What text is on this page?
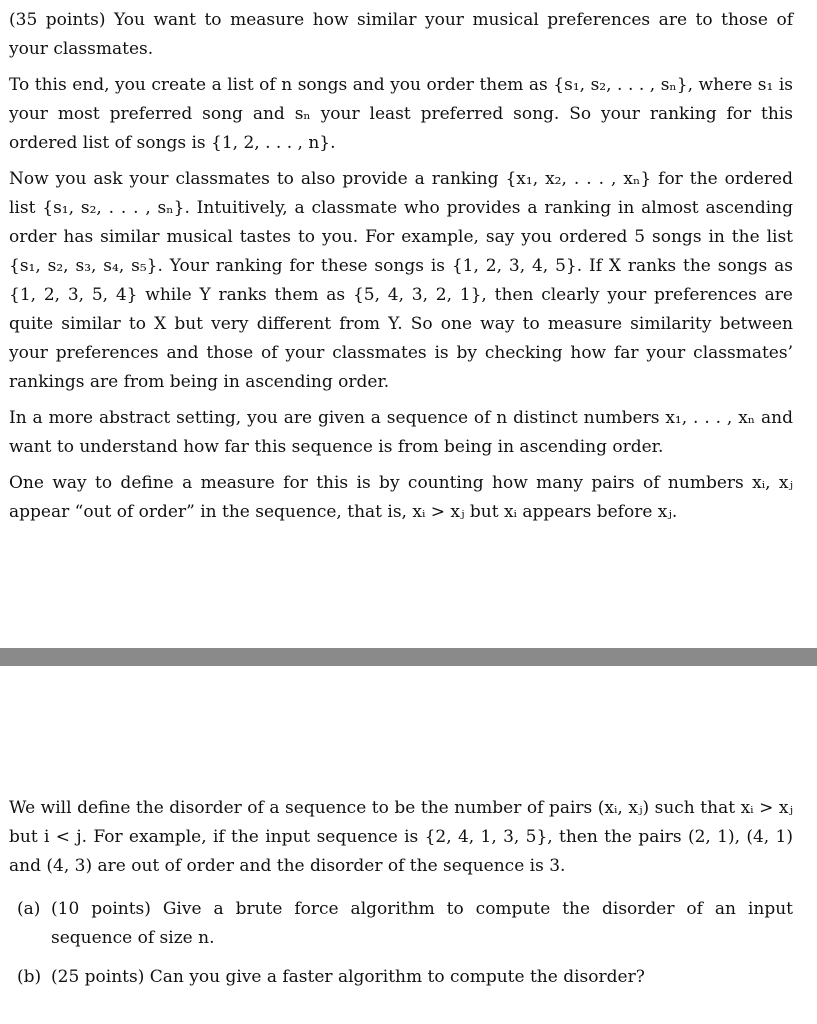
(35 points) You want to measure how similar your musical preferences are to those of your classmates.

To this end, you create a list of n songs and you order them as {s₁, s₂, . . . , sₙ}, where s₁ is your most preferred song and sₙ your least preferred song. So your ranking for this ordered list of songs is {1, 2, . . . , n}.

Now you ask your classmates to also provide a ranking {x₁, x₂, . . . , xₙ} for the ordered list {s₁, s₂, . . . , sₙ}. Intuitively, a classmate who provides a ranking in almost ascending order has similar musical tastes to you. For example, say you ordered 5 songs in the list {s₁, s₂, s₃, s₄, s₅}. Your ranking for these songs is {1, 2, 3, 4, 5}. If X ranks the songs as {1, 2, 3, 5, 4} while Y ranks them as {5, 4, 3, 2, 1}, then clearly your preferences are quite similar to X but very different from Y. So one way to measure similarity between your preferences and those of your classmates is by checking how far your classmates’ rankings are from being in ascending order.

In a more abstract setting, you are given a sequence of n distinct numbers x₁, . . . , xₙ and want to understand how far this sequence is from being in ascending order.

One way to define a measure for this is by counting how many pairs of numbers xᵢ, xⱼ appear “out of order” in the sequence, that is, xᵢ > xⱼ but xᵢ appears before xⱼ.

We will define the disorder of a sequence to be the number of pairs (xᵢ, xⱼ) such that xᵢ > xⱼ but i < j. For example, if the input sequence is {2, 4, 1, 3, 5}, then the pairs (2, 1), (4, 1) and (4, 3) are out of order and the disorder of the sequence is 3.

(a) (10 points) Give a brute force algorithm to compute the disorder of an input sequence of size n.
(b) (25 points) Can you give a faster algorithm to compute the disorder?
